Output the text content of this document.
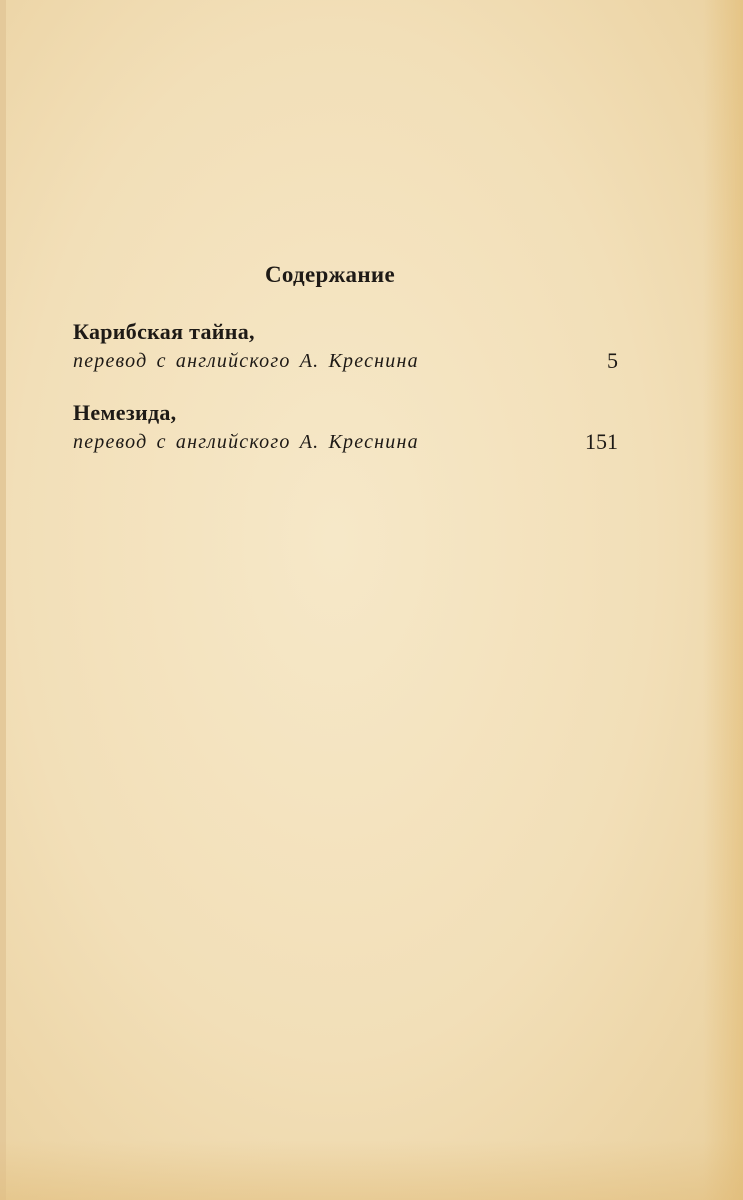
Содержание
Карибская тайна,
перевод с английского А. Креснина	5
Немезида,
перевод с английского А. Креснина	151
